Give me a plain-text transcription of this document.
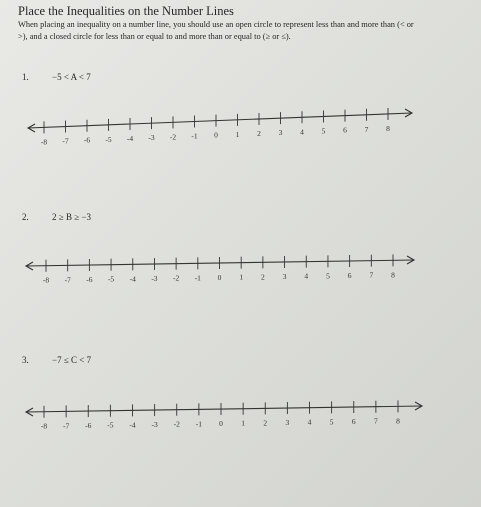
Place the Inequalities on the Number Lines
When placing an inequality on a number line, you should use an open circle to represent less than and more than (< or >), and a closed circle for less than or equal to and more than or equal to (≥ or ≤).
1.	−5 < A < 7
2.	2 ≥ B ≥ −3
3.	−7 ≤ C < 7
-8 -7 -6 -5 -4 -3 -2 -1 0 1 2 3 4 5 6 7 8
-8 -7 -6 -5 -4 -3 -2 -1 0 1 2 3 4 5 6 7 8
-8 -7 -6 -5 -4 -3 -2 -1 0 1 2 3 4 5 6 7 8
